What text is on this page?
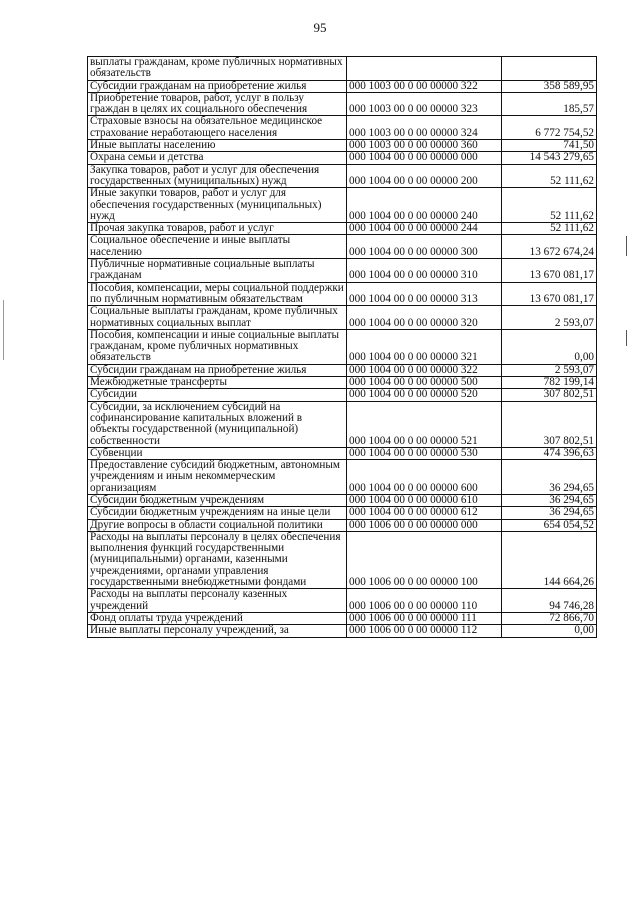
95
выплаты гражданам, кроме публичных нормативных обязательств		
Субсидии гражданам на приобретение жилья	000 1003 00 0 00 00000 322	358 589,95
Приобретение товаров, работ, услуг в пользу граждан в целях их социального обеспечения	000 1003 00 0 00 00000 323	185,57
Страховые взносы на обязательное медицинское страхование неработающего населения	000 1003 00 0 00 00000 324	6 772 754,52
Иные выплаты населению	000 1003 00 0 00 00000 360	741,50
Охрана семьи и детства	000 1004 00 0 00 00000 000	14 543 279,65
Закупка товаров, работ и услуг для обеспечения государственных (муниципальных) нужд	000 1004 00 0 00 00000 200	52 111,62
Иные закупки товаров, работ и услуг для обеспечения государственных (муниципальных) нужд	000 1004 00 0 00 00000 240	52 111,62
Прочая закупка товаров, работ и услуг	000 1004 00 0 00 00000 244	52 111,62
Социальное обеспечение и иные выплаты населению	000 1004 00 0 00 00000 300	13 672 674,24
Публичные нормативные социальные выплаты гражданам	000 1004 00 0 00 00000 310	13 670 081,17
Пособия, компенсации, меры социальной поддержки по публичным нормативным обязательствам	000 1004 00 0 00 00000 313	13 670 081,17
Социальные выплаты гражданам, кроме публичных нормативных социальных выплат	000 1004 00 0 00 00000 320	2 593,07
Пособия, компенсации и иные социальные выплаты гражданам, кроме публичных нормативных обязательств	000 1004 00 0 00 00000 321	0,00
Субсидии гражданам на приобретение жилья	000 1004 00 0 00 00000 322	2 593,07
Межбюджетные трансферты	000 1004 00 0 00 00000 500	782 199,14
Субсидии	000 1004 00 0 00 00000 520	307 802,51
Субсидии, за исключением субсидий на софинансирование капитальных вложений в объекты государственной (муниципальной) собственности	000 1004 00 0 00 00000 521	307 802,51
Субвенции	000 1004 00 0 00 00000 530	474 396,63
Предоставление субсидий бюджетным, автономным учреждениям и иным некоммерческим организациям	000 1004 00 0 00 00000 600	36 294,65
Субсидии бюджетным учреждениям	000 1004 00 0 00 00000 610	36 294,65
Субсидии бюджетным учреждениям на иные цели	000 1004 00 0 00 00000 612	36 294,65
Другие вопросы в области социальной политики	000 1006 00 0 00 00000 000	654 054,52
Расходы на выплаты персоналу в целях обеспечения выполнения функций государственными (муниципальными) органами, казенными учреждениями, органами управления государственными внебюджетными фондами	000 1006 00 0 00 00000 100	144 664,26
Расходы на выплаты персоналу казенных учреждений	000 1006 00 0 00 00000 110	94 746,28
Фонд оплаты труда учреждений	000 1006 00 0 00 00000 111	72 866,70
Иные выплаты персоналу учреждений, за	000 1006 00 0 00 00000 112	0,00
